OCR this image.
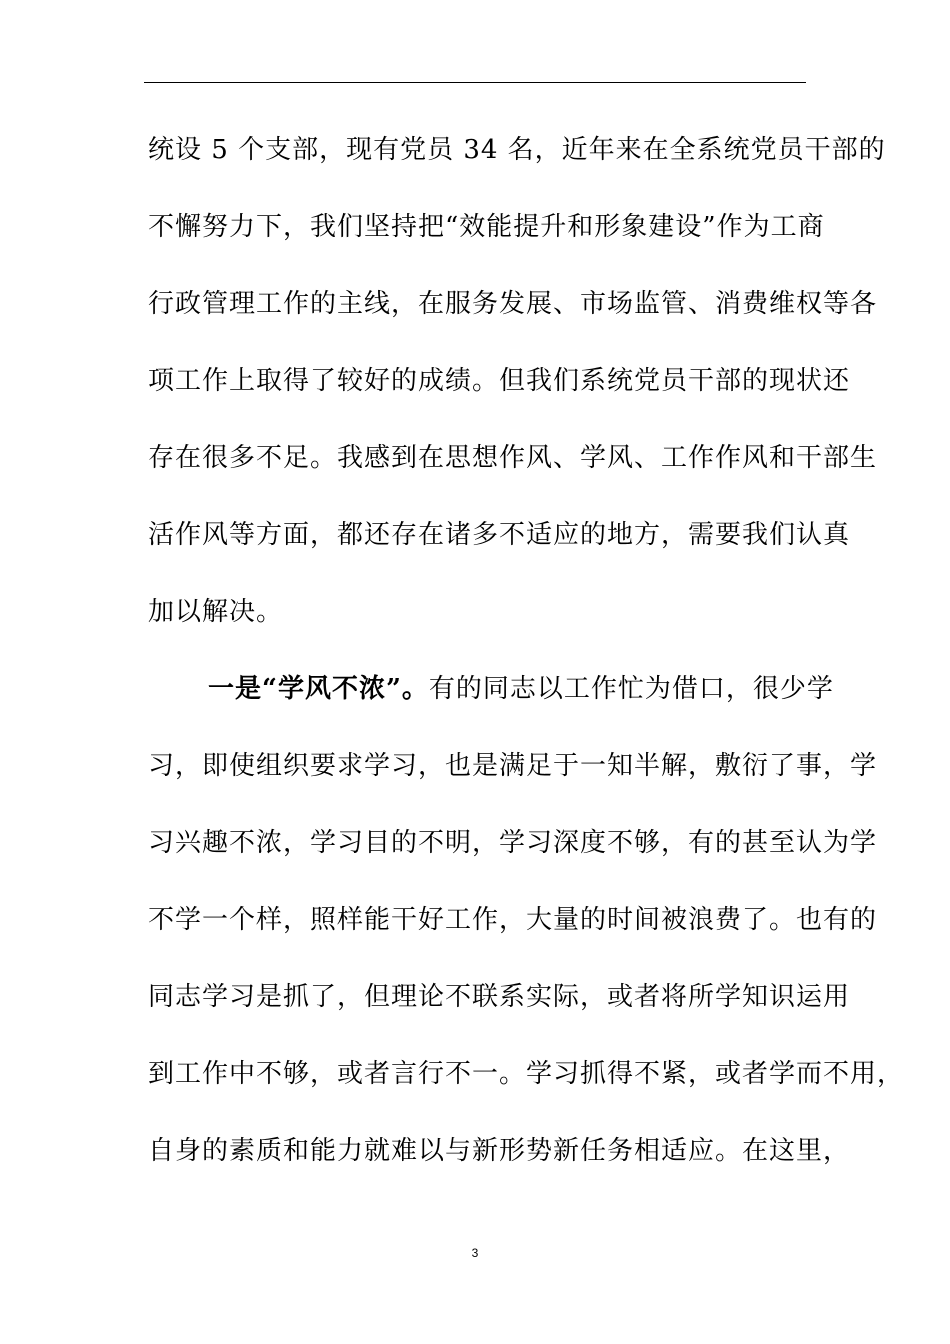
统设 5 个支部，现有党员 34 名，近年来在全系统党员干部的
不懈努力下，我们坚持把“效能提升和形象建设”作为工商
行政管理工作的主线，在服务发展、市场监管、消费维权等各
项工作上取得了较好的成绩。但我们系统党员干部的现状还
存在很多不足。我感到在思想作风、学风、工作作风和干部生
活作风等方面，都还存在诸多不适应的地方，需要我们认真
加以解决。
一是“学风不浓”。有的同志以工作忙为借口，很少学
习，即使组织要求学习，也是满足于一知半解，敷衍了事，学
习兴趣不浓，学习目的不明，学习深度不够，有的甚至认为学
不学一个样，照样能干好工作，大量的时间被浪费了。也有的
同志学习是抓了，但理论不联系实际，或者将所学知识运用
到工作中不够，或者言行不一。学习抓得不紧，或者学而不用，
自身的素质和能力就难以与新形势新任务相适应。在这里，
3
